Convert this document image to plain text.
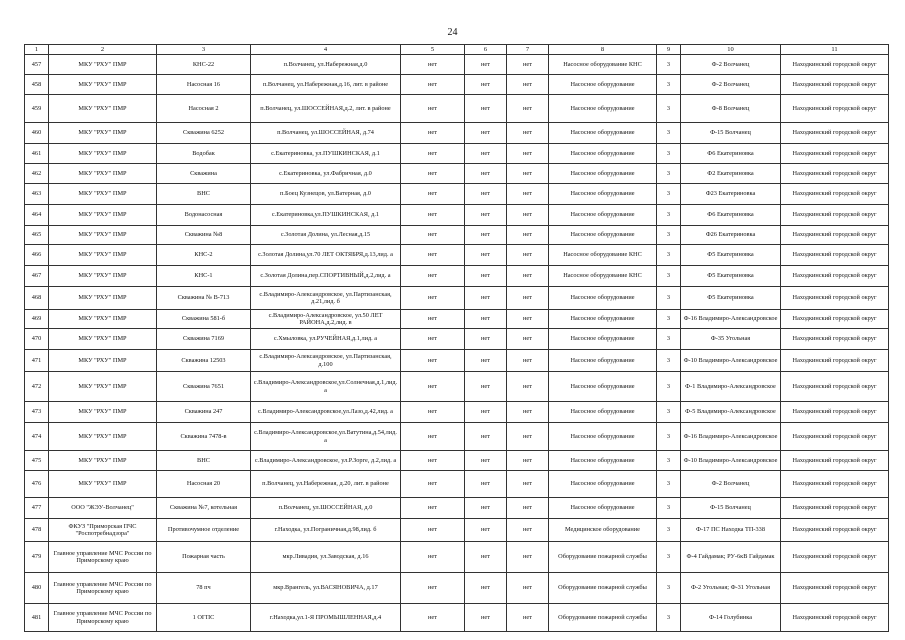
24
1	2	3	4	5	6	7	8	9	10	11
457	МКУ "РХУ" ПМР	КНС-22	п.Волчанец, ул.Набережная,д.0	нет	нет	нет	Насосное оборудование КНС	3	Ф-2 Волчанец	Находкинский городской округ
458	МКУ "РХУ" ПМР	Насосная 16	п.Волчанец, ул.Набережная,д.16, лит. в районе	нет	нет	нет	Насосное оборудование	3	Ф-2 Волчанец	Находкинский городской округ
459	МКУ "РХУ" ПМР	Насосная 2	п.Волчанец, ул.ШОССЕЙНАЯ,д.2, лит. в районе	нет	нет	нет	Насосное оборудование	3	Ф-8 Волчанец	Находкинский городской округ
460	МКУ "РХУ" ПМР	Скважина 6252	п.Волчанец, ул.ШОССЕЙНАЯ, д.74	нет	нет	нет	Насосное оборудование	3	Ф-15 Волчанец	Находкинский городской округ
461	МКУ "РХУ" ПМР	Водобак	с.Екатериновка, ул.ПУШКИНСКАЯ, д.1	нет	нет	нет	Насосное оборудование	3	Ф6 Екатериновка	Находкинский городской округ
462	МКУ "РХУ" ПМР	Скважина	с.Екатериновка, ул.Фабричная, д.0	нет	нет	нет	Насосное оборудование	3	Ф2 Екатериновка	Находкинский городской округ
463	МКУ "РХУ" ПМР	ВНС	п.Боец Кузнецов, ул.Ватерная, д.0	нет	нет	нет	Насосное оборудование	3	Ф23 Екатериновка	Находкинский городской округ
464	МКУ "РХУ" ПМР	Водонасосная	с.Екатериновка,ул.ПУШКИНСКАЯ, д.1	нет	нет	нет	Насосное оборудование	3	Ф6 Екатериновка	Находкинский городской округ
465	МКУ "РХУ" ПМР	Скважина №8	с.Золотая Долина, ул.Лесная,д.15	нет	нет	нет	Насосное оборудование	3	Ф26 Екатериновка	Находкинский городской округ
466	МКУ "РХУ" ПМР	КНС-2	с.Золотая Долина,ул.70 ЛЕТ ОКТЯБРЯ,д.13,лид. а	нет	нет	нет	Насосное оборудование КНС	3	Ф5 Екатериновка	Находкинский городской округ
467	МКУ "РХУ" ПМР	КНС-1	с.Золотая Долина,пер.СПОРТИВНЫЙ,д.2,лид. а	нет	нет	нет	Насосное оборудование КНС	3	Ф5 Екатериновка	Находкинский городской округ
468	МКУ "РХУ" ПМР	Скважина № В-713	с.Владимиро-Александровское, ул.Партизанская, д.21,лид. б	нет	нет	нет	Насосное оборудование	3	Ф5 Екатериновка	Находкинский городской округ
469	МКУ "РХУ" ПМР	Скважина 581-б	с.Владимиро-Александровское, ул.50 ЛЕТ РАЙОНА,д.2,лид. в	нет	нет	нет	Насосное оборудование	3	Ф-16 Владимиро-Александровское	Находкинский городской округ
470	МКУ "РХУ" ПМР	Скважина 7169	с.Хмыловка, ул.РУЧЕЙНАЯ,д.1,лид. а	нет	нет	нет	Насосное оборудование	3	Ф-35 Угольная	Находкинский городской округ
471	МКУ "РХУ" ПМР	Скважина 12503	с.Владимиро-Александровское, ул.Партизанская, д.100	нет	нет	нет	Насосное оборудование	3	Ф-10 Владимиро-Александровское	Находкинский городской округ
472	МКУ "РХУ" ПМР	Скважина 7651	с.Владимиро-Александровское,ул.Солнечная,д.1,лид. а	нет	нет	нет	Насосное оборудование	3	Ф-1 Владимиро-Александровское	Находкинский городской округ
473	МКУ "РХУ" ПМР	Скважина 247	с.Владимиро-Александровское,ул.Лазо,д.42,лид. а	нет	нет	нет	Насосное оборудование	3	Ф-5 Владимиро-Александровское	Находкинский городской округ
474	МКУ "РХУ" ПМР	Скважина 7478-в	с.Владимиро-Александровское,ул.Ватутина,д.54,лид. а	нет	нет	нет	Насосное оборудование	3	Ф-16 Владимиро-Александровское	Находкинский городской округ
475	МКУ "РХУ" ПМР	ВНС	с.Владимиро-Александровское, ул.Р.Зорге, д.2,лид. а	нет	нет	нет	Насосное оборудование	3	Ф-10 Владимиро-Александровское	Находкинский городской округ
476	МКУ "РХУ" ПМР	Насосная 20	п.Волчанец, ул.Набережная, д.20, лит. в районе	нет	нет	нет	Насосное оборудование	3	Ф-2 Волчанец	Находкинский городской округ
477	ООО "ЖЭУ-Волчанец"	Скважина №7, котельная	п.Волчанец, ул.ШОССЕЙНАЯ, д.0	нет	нет	нет	Насосное оборудование	3	Ф-15 Волчанец	Находкинский городской округ
478	ФКУЗ "Приморская ПЧС "Роспотребнадзора"	Противочумное отделение	г.Находка, ул.Пограничная,д.98,лид. б	нет	нет	нет	Медицинское оборудование	3	Ф-17 ПС Находка ТП-338	Находкинский городской округ
479	Главное управление МЧС России по Приморскому краю	Пожарная часть	мкр.Ливадия, ул.Заводская, д.16	нет	нет	нет	Оборудование пожарной службы	3	Ф-4 Гайдамак; РУ-6кВ Гайдамак	Находкинский городской округ
480	Главное управление МЧС России по Приморскому краю	78 пч	мкр.Врангель, ул.ВАСЯНОВИЧА, д.17	нет	нет	нет	Оборудование пожарной службы	3	Ф-2 Угольная; Ф-31 Угольная	Находкинский городской округ
481	Главное управление МЧС России по Приморскому краю	1 ОГПС	г.Находка,ул.1-Я ПРОМЫШЛЕННАЯ,д.4	нет	нет	нет	Оборудование пожарной службы	3	Ф-14 Голубинка	Находкинский городской округ
